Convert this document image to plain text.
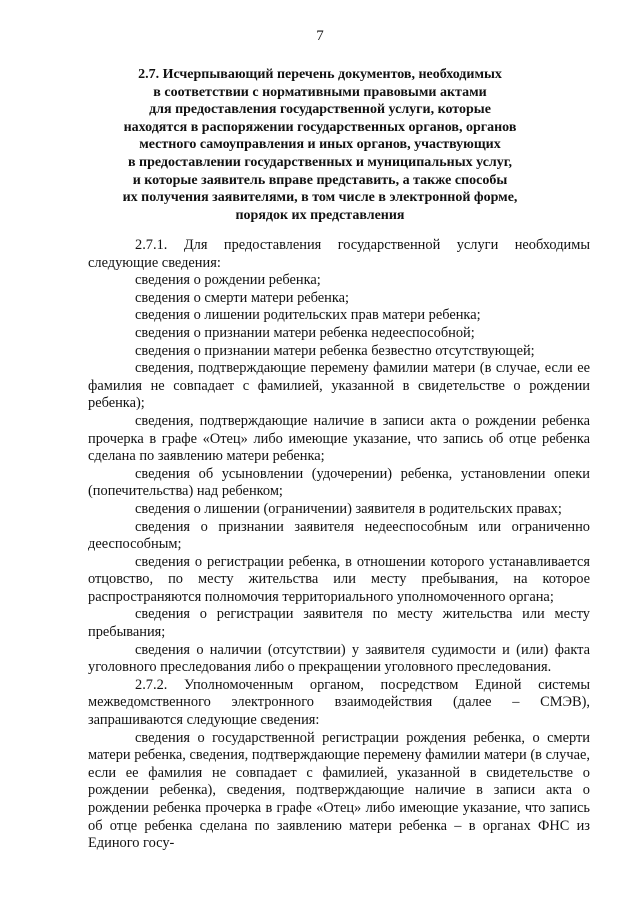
7
2.7. Исчерпывающий перечень документов, необходимых
в соответствии с нормативными правовыми актами
для предоставления государственной услуги, которые
находятся в распоряжении государственных органов, органов
местного самоуправления и иных органов, участвующих
в предоставлении государственных и муниципальных услуг,
и которые заявитель вправе представить, а также способы
их получения заявителями, в том числе в электронной форме,
порядок их представления

2.7.1. Для предоставления государственной услуги необходимы следующие сведения:

сведения о рождении ребенка;

сведения о смерти матери ребенка;

сведения о лишении родительских прав матери ребенка;

сведения о признании матери ребенка недееспособной;

сведения о признании матери ребенка безвестно отсутствующей;

сведения, подтверждающие перемену фамилии матери (в случае, если ее фамилия не совпадает с фамилией, указанной в свидетельстве о рождении ребенка);

сведения, подтверждающие наличие в записи акта о рождении ребенка прочерка в графе «Отец» либо имеющие указание, что запись об отце ребенка сделана по заявлению матери ребенка;

сведения об усыновлении (удочерении) ребенка, установлении опеки (попечительства) над ребенком;

сведения о лишении (ограничении) заявителя в родительских правах;

сведения о признании заявителя недееспособным или ограниченно дееспособным;

сведения о регистрации ребенка, в отношении которого устанавливается отцовство, по месту жительства или месту пребывания, на которое распространяются полномочия территориального уполномоченного органа;

сведения о регистрации заявителя по месту жительства или месту пребывания;

сведения о наличии (отсутствии) у заявителя судимости и (или) факта уголовного преследования либо о прекращении уголовного преследования.

2.7.2. Уполномоченным органом, посредством Единой системы межведомственного электронного взаимодействия (далее – СМЭВ), запрашиваются следующие сведения:

сведения о государственной регистрации рождения ребенка, о смерти матери ребенка, сведения, подтверждающие перемену фамилии матери (в случае, если ее фамилия не совпадает с фамилией, указанной в свидетельстве о рождении ребенка), сведения, подтверждающие наличие в записи акта о рождении ребенка прочерка в графе «Отец» либо имеющие указание, что запись об отце ребенка сделана по заявлению матери ребенка – в органах ФНС из Единого госу-
